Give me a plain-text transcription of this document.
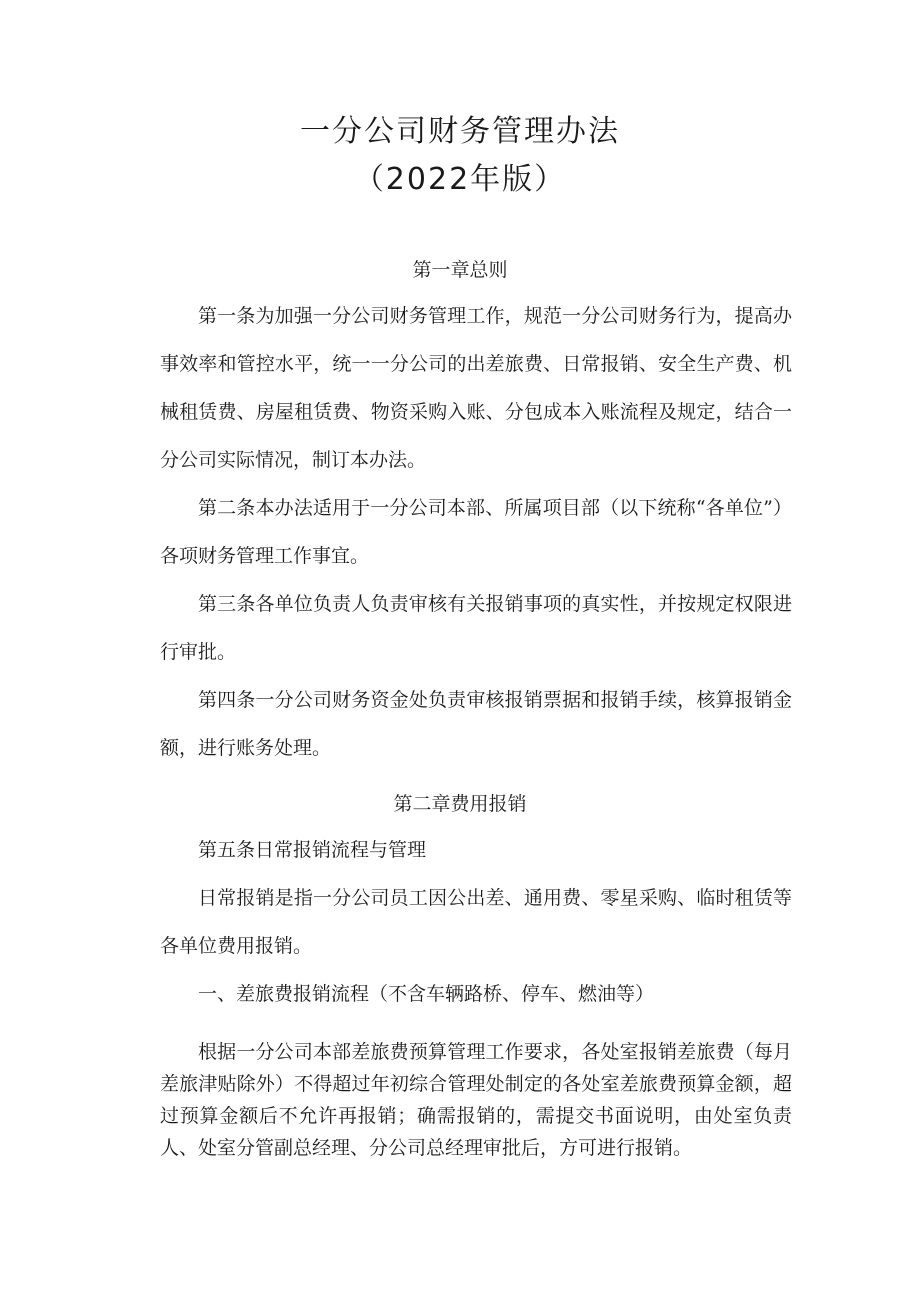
一分公司财务管理办法
（2022年版）

第一章总则

第一条为加强一分公司财务管理工作，规范一分公司财务行为，提高办事效率和管控水平，统一一分公司的出差旅费、日常报销、安全生产费、机械租赁费、房屋租赁费、物资采购入账、分包成本入账流程及规定，结合一分公司实际情况，制订本办法。

第二条本办法适用于一分公司本部、所属项目部（以下统称“各单位”）各项财务管理工作事宜。

第三条各单位负责人负责审核有关报销事项的真实性，并按规定权限进行审批。

第四条一分公司财务资金处负责审核报销票据和报销手续，核算报销金额，进行账务处理。

第二章费用报销

第五条日常报销流程与管理

日常报销是指一分公司员工因公出差、通用费、零星采购、临时租赁等各单位费用报销。

一、差旅费报销流程（不含车辆路桥、停车、燃油等）

根据一分公司本部差旅费预算管理工作要求，各处室报销差旅费（每月差旅津贴除外）不得超过年初综合管理处制定的各处室差旅费预算金额，超过预算金额后不允许再报销；确需报销的，需提交书面说明，由处室负责人、处室分管副总经理、分公司总经理审批后，方可进行报销。
